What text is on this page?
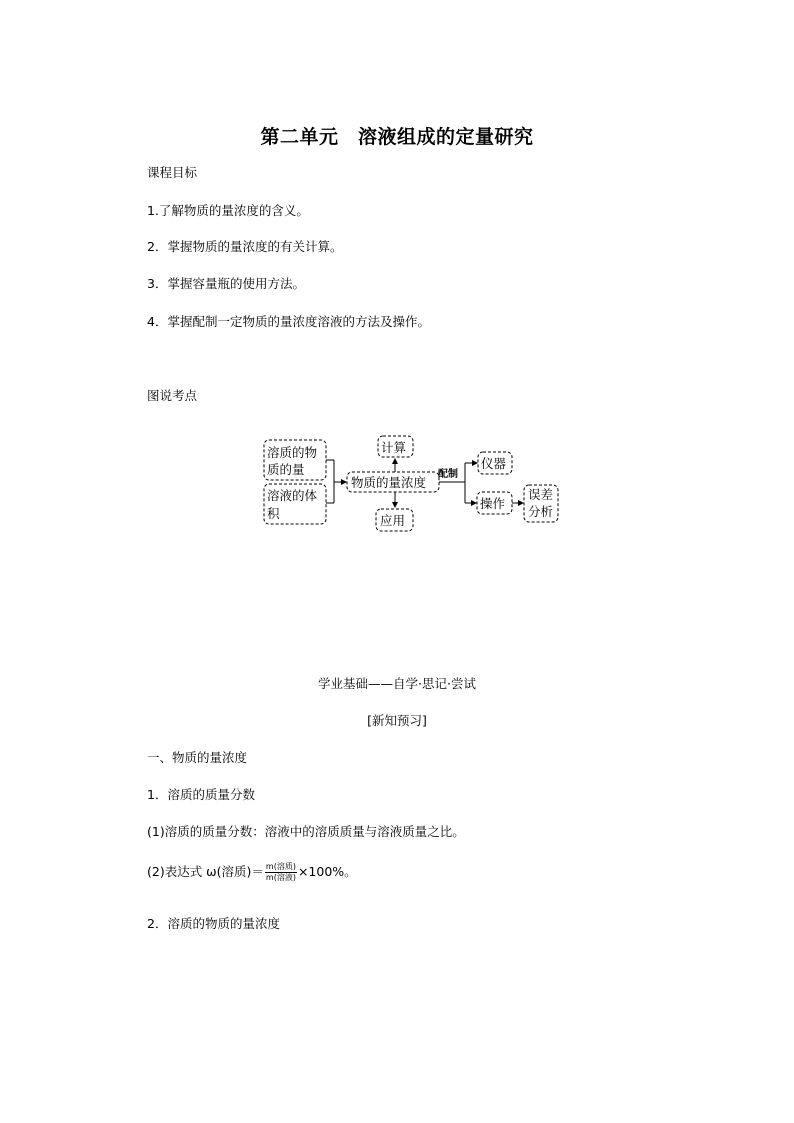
第二单元　溶液组成的定量研究
课程目标
1.了解物质的量浓度的含义。
2．掌握物质的量浓度的有关计算。
3．掌握容量瓶的使用方法。
4．掌握配制一定物质的量浓度溶液的方法及操作。
图说考点
溶质的物
质的量
溶液的体
积
物质的量浓度
计算
应用
仪器
操作
误差
分析
配制
学业基础——自学·思记·尝试
[新知预习]
一、物质的量浓度
1．溶质的质量分数
(1)溶质的质量分数：溶液中的溶质质量与溶液质量之比。
(2)表达式 ω(溶质)＝ $\frac{\text{m(溶质)}}{\text{m(溶液)}} \times 100\%$。
2．溶质的物质的量浓度
